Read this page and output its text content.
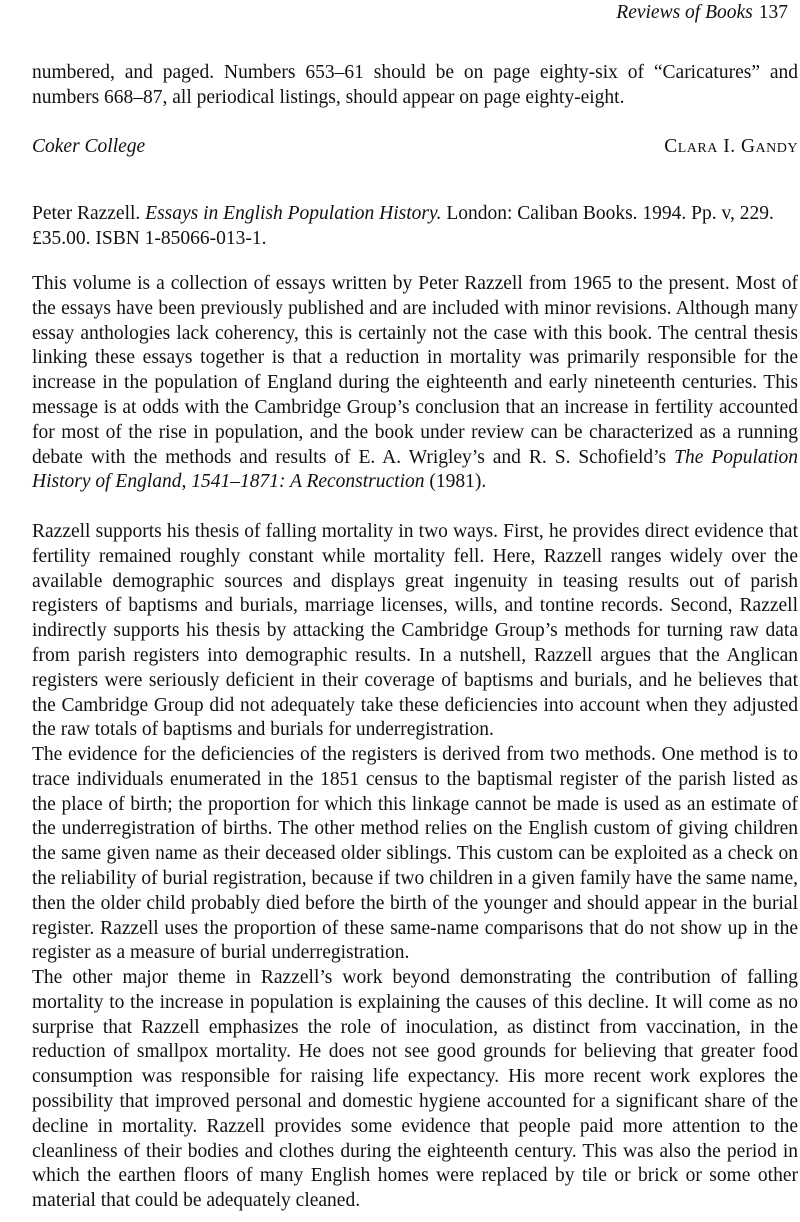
Reviews of Books 137

numbered, and paged. Numbers 653–61 should be on page eighty-six of “Caricatures” and numbers 668–87, all periodical listings, should appear on page eighty-eight.

Coker College	Clara I. Gandy

Peter Razzell. Essays in English Population History. London: Caliban Books. 1994. Pp. v, 229. £35.00. ISBN 1-85066-013-1.

This volume is a collection of essays written by Peter Razzell from 1965 to the present. Most of the essays have been previously published and are included with minor revisions. Although many essay anthologies lack coherency, this is certainly not the case with this book. The central thesis linking these essays together is that a reduction in mortality was primarily responsible for the increase in the population of England during the eighteenth and early nineteenth centuries. This message is at odds with the Cambridge Group’s conclusion that an increase in fertility accounted for most of the rise in population, and the book under review can be characterized as a running debate with the methods and results of E. A. Wrigley’s and R. S. Schofield’s The Population History of England, 1541–1871: A Reconstruction (1981).

Razzell supports his thesis of falling mortality in two ways. First, he provides direct evidence that fertility remained roughly constant while mortality fell. Here, Razzell ranges widely over the available demographic sources and displays great ingenuity in teasing results out of parish registers of baptisms and burials, marriage licenses, wills, and tontine records. Second, Razzell indirectly supports his thesis by attacking the Cambridge Group’s methods for turning raw data from parish registers into demographic results. In a nutshell, Razzell argues that the Anglican registers were seriously deficient in their coverage of baptisms and burials, and he believes that the Cambridge Group did not adequately take these deficiencies into account when they adjusted the raw totals of baptisms and burials for underregistration.

The evidence for the deficiencies of the registers is derived from two methods. One method is to trace individuals enumerated in the 1851 census to the baptismal register of the parish listed as the place of birth; the proportion for which this linkage cannot be made is used as an estimate of the underregistration of births. The other method relies on the English custom of giving children the same given name as their deceased older siblings. This custom can be exploited as a check on the reliability of burial registration, because if two children in a given family have the same name, then the older child probably died before the birth of the younger and should appear in the burial register. Razzell uses the proportion of these same-name comparisons that do not show up in the register as a measure of burial underregistration.

The other major theme in Razzell’s work beyond demonstrating the contribution of falling mortality to the increase in population is explaining the causes of this decline. It will come as no surprise that Razzell emphasizes the role of inoculation, as distinct from vaccination, in the reduction of smallpox mortality. He does not see good grounds for believing that greater food consumption was responsible for raising life expectancy. His more recent work explores the possibility that improved personal and domestic hygiene accounted for a significant share of the decline in mortality. Razzell provides some evidence that people paid more attention to the cleanliness of their bodies and clothes during the eighteenth century. This was also the period in which the earthen floors of many English homes were replaced by tile or brick or some other material that could be adequately cleaned.
